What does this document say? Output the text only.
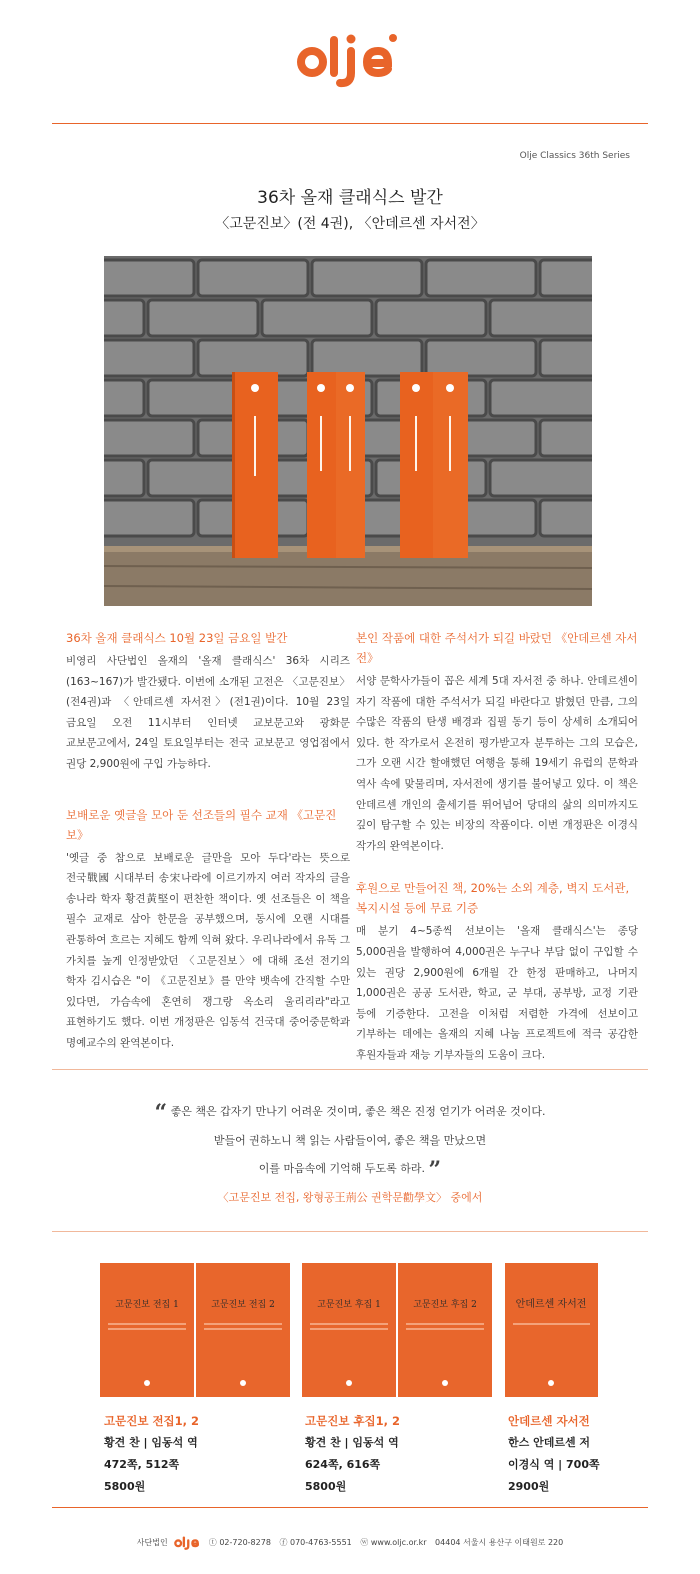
Olje Classics 36th Series
36차 올재 클래식스 발간
〈고문진보〉(전 4권), 〈안데르센 자서전〉
36차 올재 클래식스 10월 23일 금요일 발간

비영리 사단법인 올재의 '올재 클래식스' 36차 시리즈(163~167)가 발간됐다. 이번에 소개된 고전은 〈고문진보〉(전4권)과 〈안데르센 자서전〉(전1권)이다. 10월 23일 금요일 오전 11시부터 인터넷 교보문고와 광화문 교보문고에서, 24일 토요일부터는 전국 교보문고 영업점에서 권당 2,900원에 구입 가능하다.

보배로운 옛글을 모아 둔 선조들의 필수 교재 《고문진보》

'옛글 중 참으로 보배로운 글만을 모아 두다'라는 뜻으로 전국戰國 시대부터 송宋나라에 이르기까지 여러 작자의 글을 송나라 학자 황견黃堅이 편찬한 책이다. 옛 선조들은 이 책을 필수 교재로 삼아 한문을 공부했으며, 동시에 오랜 시대를 관통하여 흐르는 지혜도 함께 익혀 왔다. 우리나라에서 유독 그 가치를 높게 인정받았던 〈고문진보〉에 대해 조선 전기의 학자 김시습은 "이 《고문진보》를 만약 뱃속에 간직할 수만 있다면, 가슴속에 혼연히 쟁그랑 옥소리 울리리라"라고 표현하기도 했다. 이번 개정판은 임동석 건국대 중어중문학과 명예교수의 완역본이다.

본인 작품에 대한 주석서가 되길 바랐던 《안데르센 자서전》

서양 문학사가들이 꼽은 세계 5대 자서전 중 하나. 안데르센이 자기 작품에 대한 주석서가 되길 바란다고 밝혔던 만큼, 그의 수많은 작품의 탄생 배경과 집필 동기 등이 상세히 소개되어 있다. 한 작가로서 온전히 평가받고자 분투하는 그의 모습은, 그가 오랜 시간 할애했던 여행을 통해 19세기 유럽의 문학과 역사 속에 맞물리며, 자서전에 생기를 불어넣고 있다. 이 책은 안데르센 개인의 출세기를 뛰어넘어 당대의 삶의 의미까지도 깊이 탐구할 수 있는 비장의 작품이다. 이번 개정판은 이경식 작가의 완역본이다.

후원으로 만들어진 책, 20%는 소외 계층, 벽지 도서관, 복지시설 등에 무료 기증

매 분기 4~5종씩 선보이는 '올재 클래식스'는 종당 5,000권을 발행하여 4,000권은 누구나 부담 없이 구입할 수 있는 권당 2,900원에 6개월 간 한정 판매하고, 나머지 1,000권은 공공 도서관, 학교, 군 부대, 공부방, 교정 기관 등에 기증한다. 고전을 이처럼 저렴한 가격에 선보이고 기부하는 데에는 올재의 지혜 나눔 프로젝트에 적극 공감한 후원자들과 재능 기부자들의 도움이 크다.

“ 좋은 책은 갑자기 만나기 어려운 것이며, 좋은 책은 진정 얻기가 어려운 것이다.
받들어 권하노니 책 읽는 사람들이여, 좋은 책을 만났으면
이를 마음속에 기억해 두도록 하라. ”
〈고문진보 전집, 왕형공王荊公 권학문勸學文〉 중에서
고문진보 전집 1	고문진보 전집 2	고문진보 후집 1	고문진보 후집 2	안데르센 자서전
고문진보 전집1, 2
황견 찬 | 임동석 역
472쪽, 512쪽
5800원
고문진보 후집1, 2
황견 찬 | 임동석 역
624쪽, 616쪽
5800원
안데르센 자서전
한스 안데르센 저
이경식 역 | 700쪽
2900원
사단법인	ⓣ 02-720-8278 ⓕ 070-4763-5551 ⓦ www.oljc.or.kr 04404 서울시 용산구 이태원로 220
